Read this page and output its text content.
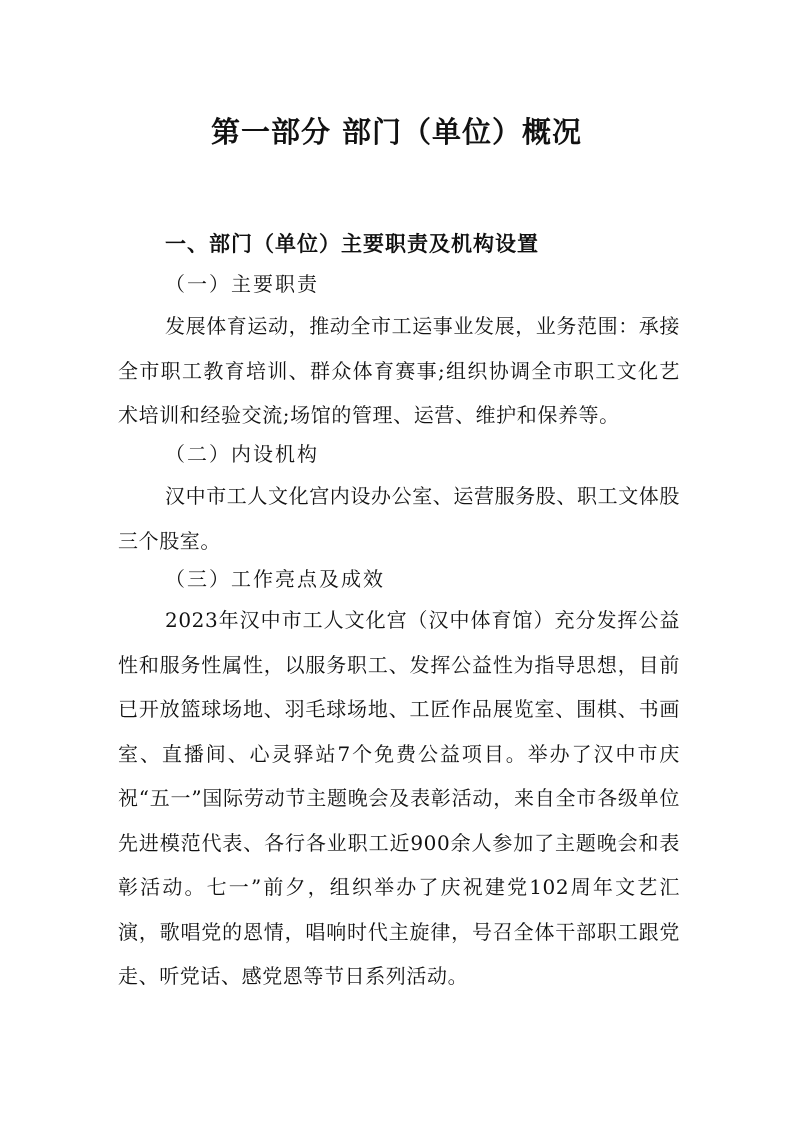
第一部分 部门（单位）概况
一、部门（单位）主要职责及机构设置
（一）主要职责
发展体育运动，推动全市工运事业发展，业务范围：承接全市职工教育培训、群众体育赛事;组织协调全市职工文化艺术培训和经验交流;场馆的管理、运营、维护和保养等。
（二）内设机构
汉中市工人文化宫内设办公室、运营服务股、职工文体股三个股室。
（三）工作亮点及成效
2023年汉中市工人文化宫（汉中体育馆）充分发挥公益性和服务性属性，以服务职工、发挥公益性为指导思想，目前已开放篮球场地、羽毛球场地、工匠作品展览室、围棋、书画室、直播间、心灵驿站7个免费公益项目。举办了汉中市庆祝“五一”国际劳动节主题晚会及表彰活动，来自全市各级单位先进模范代表、各行各业职工近900余人参加了主题晚会和表彰活动。七一”前夕，组织举办了庆祝建党102周年文艺汇演，歌唱党的恩情，唱响时代主旋律，号召全体干部职工跟党走、听党话、感党恩等节日系列活动。
